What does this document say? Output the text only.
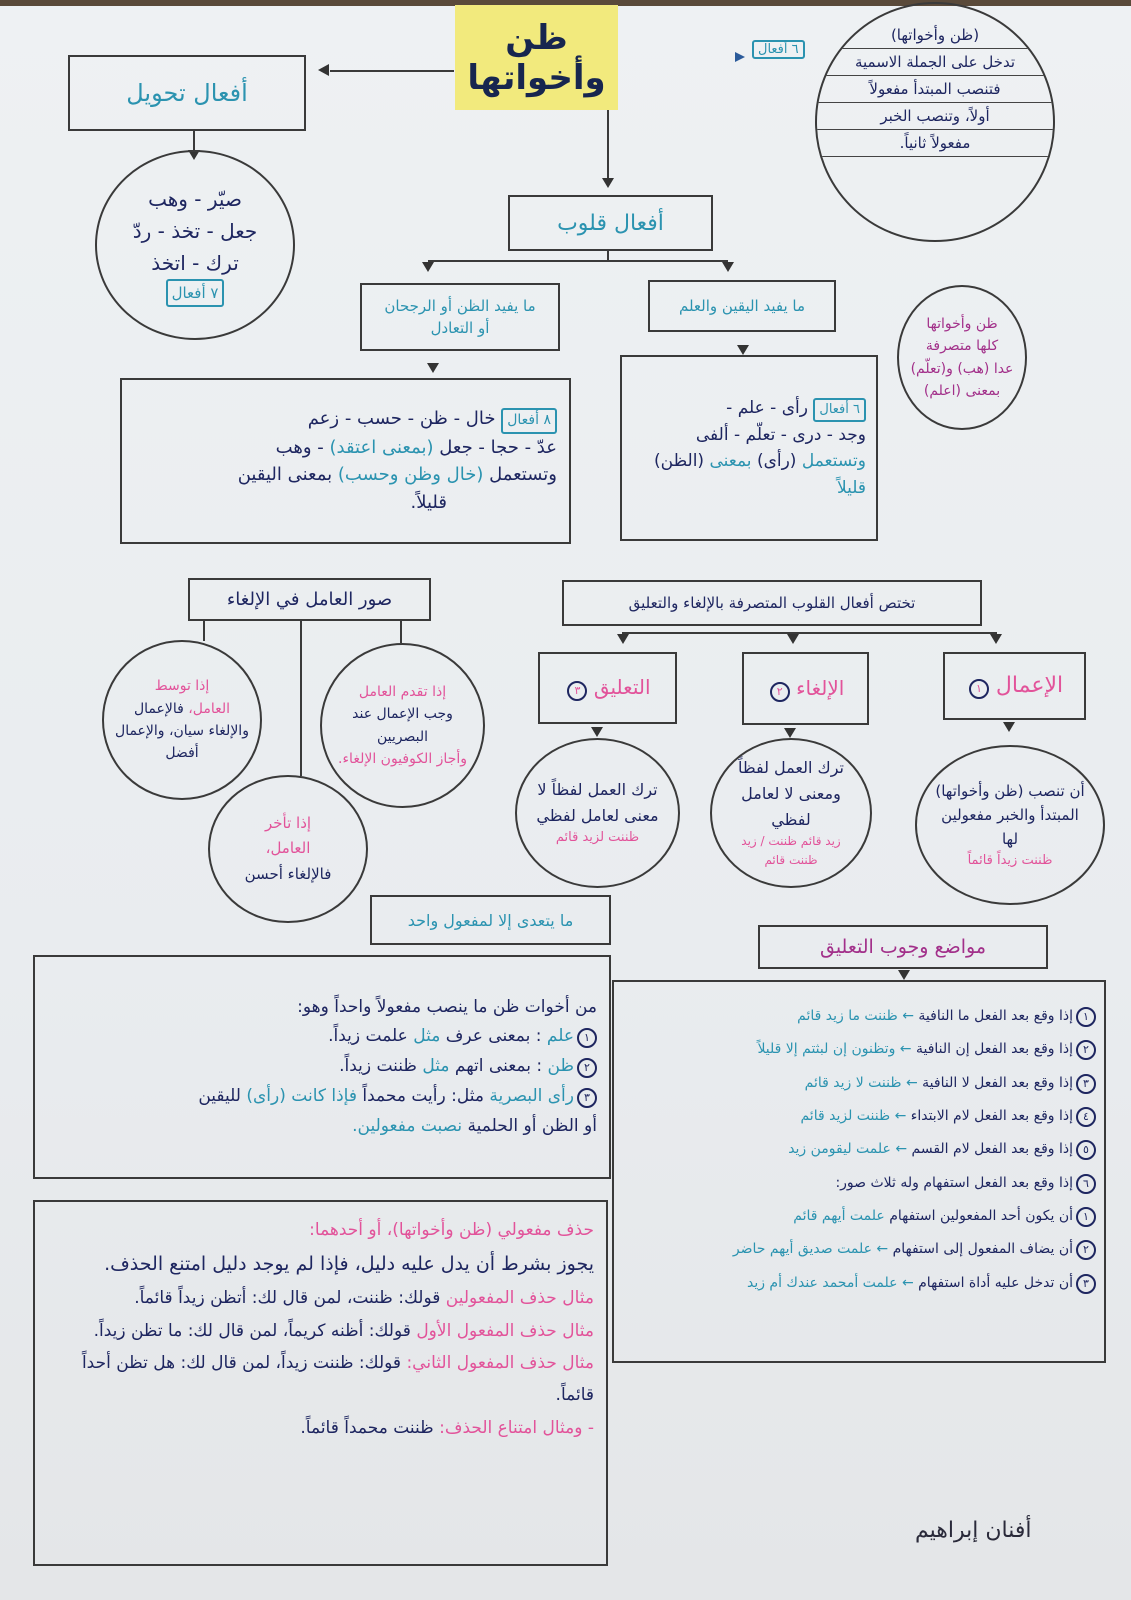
ظن وأخواتها
أفعال تحويل
صيّر - وهب
جعل - تخذ - ردّ
ترك - اتخذ
٧ أفعال
٦ أفعال
(ظن وأخواتها)
تدخل على الجملة الاسمية
فتنصب المبتدأ مفعولاً
أولاً، وتنصب الخبر
مفعولاً ثانياً.
أفعال قلوب
ما يفيد اليقين والعلم
ما يفيد الظن أو الرجحان أو التعادل
٦ أفعال رأى - علم -
وجد - درى - تعلّم - ألفى
وتستعمل (رأى) بمعنى (الظن)
قليلاً
٨ أفعال خال - ظن - حسب - زعم
عدّ - حجا - جعل (بمعنى اعتقد) - وهب
وتستعمل (خال وظن وحسب) بمعنى اليقين
قليلاً.
ظن وأخواتها
كلها متصرفة
عدا (هب) و(تعلّم)
بمعنى (اعلم)
صور العامل في الإلغاء
إذا توسط
العامل، فالإعمال والإلغاء سيان، والإعمال أفضل
إذا تقدم العامل
وجب الإعمال عند البصريين
وأجاز الكوفيون الإلغاء.
إذا تأخر
العامل،
فالإلغاء أحسن
تختص أفعال القلوب المتصرفة بالإلغاء والتعليق
التعليق ٣	الإلغاء ٢	الإعمال ١
ترك العمل لفظاً لا معنى لعامل لفظي
ظننت لزيد قائم
ترك العمل لفظاً ومعنى لا لعامل لفظي
زيد قائم ظننت / زيد ظننت قائم
أن تنصب (ظن وأخواتها) المبتدأ والخبر مفعولين لها
ظننت زيداً قائماً
ما يتعدى إلا لمفعول واحد
من أخوات ظن ما ينصب مفعولاً واحداً وهو:
١علم : بمعنى عرف مثل علمت زيداً.
٢ظن : بمعنى اتهم مثل ظننت زيداً.
٣رأى البصرية مثل: رأيت محمداً فإذا كانت (رأى) لليقين
أو الظن أو الحلمية نصبت مفعولين.
حذف مفعولي (ظن وأخواتها)، أو أحدهما:
يجوز بشرط أن يدل عليه دليل، فإذا لم يوجد دليل امتنع الحذف.
مثال حذف المفعولين قولك: ظننت، لمن قال لك: أتظن زيداً قائماً.
مثال حذف المفعول الأول قولك: أظنه كريماً، لمن قال لك: ما تظن زيداً.
مثال حذف المفعول الثاني: قولك: ظننت زيداً، لمن قال لك: هل تظن أحداً قائماً.
- ومثال امتناع الحذف: ظننت محمداً قائماً.
مواضع وجوب التعليق
١إذا وقع بعد الفعل ما النافية ← ظننت ما زيد قائم
٢إذا وقع بعد الفعل إن النافية ← وتظنون إن لبثتم إلا قليلاً
٣إذا وقع بعد الفعل لا النافية ← ظننت لا زيد قائم
٤إذا وقع بعد الفعل لام الابتداء ← ظننت لزيد قائم
٥إذا وقع بعد الفعل لام القسم ← علمت ليقومن زيد
٦إذا وقع بعد الفعل استفهام وله ثلاث صور:
١أن يكون أحد المفعولين استفهام علمت أيهم قائم
٢أن يضاف المفعول إلى استفهام ← علمت صديق أيهم حاضر
٣أن تدخل عليه أداة استفهام ← علمت أمحمد عندك أم زيد
أفنان إبراهيم
